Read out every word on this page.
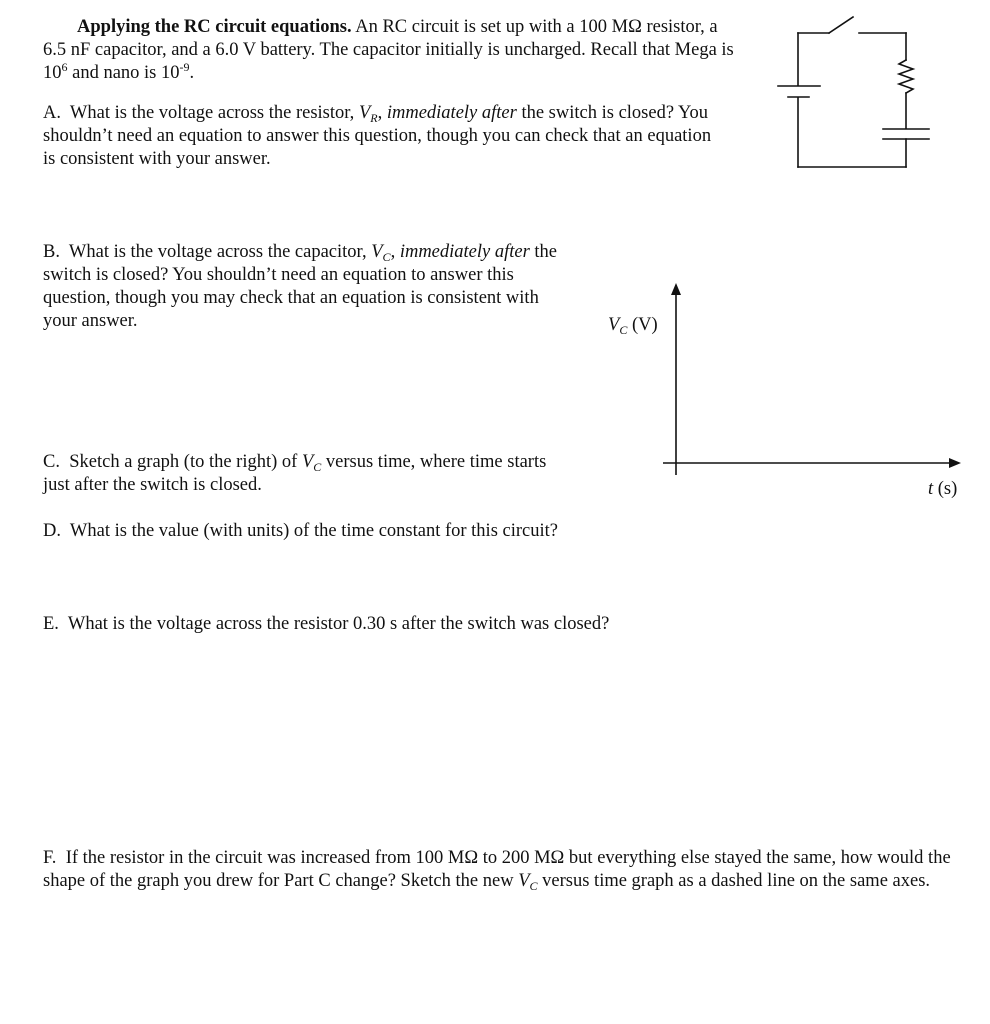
Applying the RC circuit equations. An RC circuit is set up with a 100 MΩ resistor, a 6.5 nF capacitor, and a 6.0 V battery. The capacitor initially is uncharged. Recall that Mega is $10^6$ and nano is $10^{-9}$.

A. What is the voltage across the resistor, $V_R$, immediately after the switch is closed? You shouldn’t need an equation to answer this question, though you can check that an equation is consistent with your answer.

B. What is the voltage across the capacitor, $V_C$, immediately after the switch is closed? You shouldn’t need an equation to answer this question, though you may check that an equation is consistent with your answer.

C. Sketch a graph (to the right) of $V_C$ versus time, where time starts just after the switch is closed.

D. What is the value (with units) of the time constant for this circuit?

E. What is the voltage across the resistor 0.30 s after the switch was closed?

F. If the resistor in the circuit was increased from 100 MΩ to 200 MΩ but everything else stayed the same, how would the shape of the graph you drew for Part C change? Sketch the new $V_C$ versus time graph as a dashed line on the same axes.

$V_C$ (V)
t (s)
